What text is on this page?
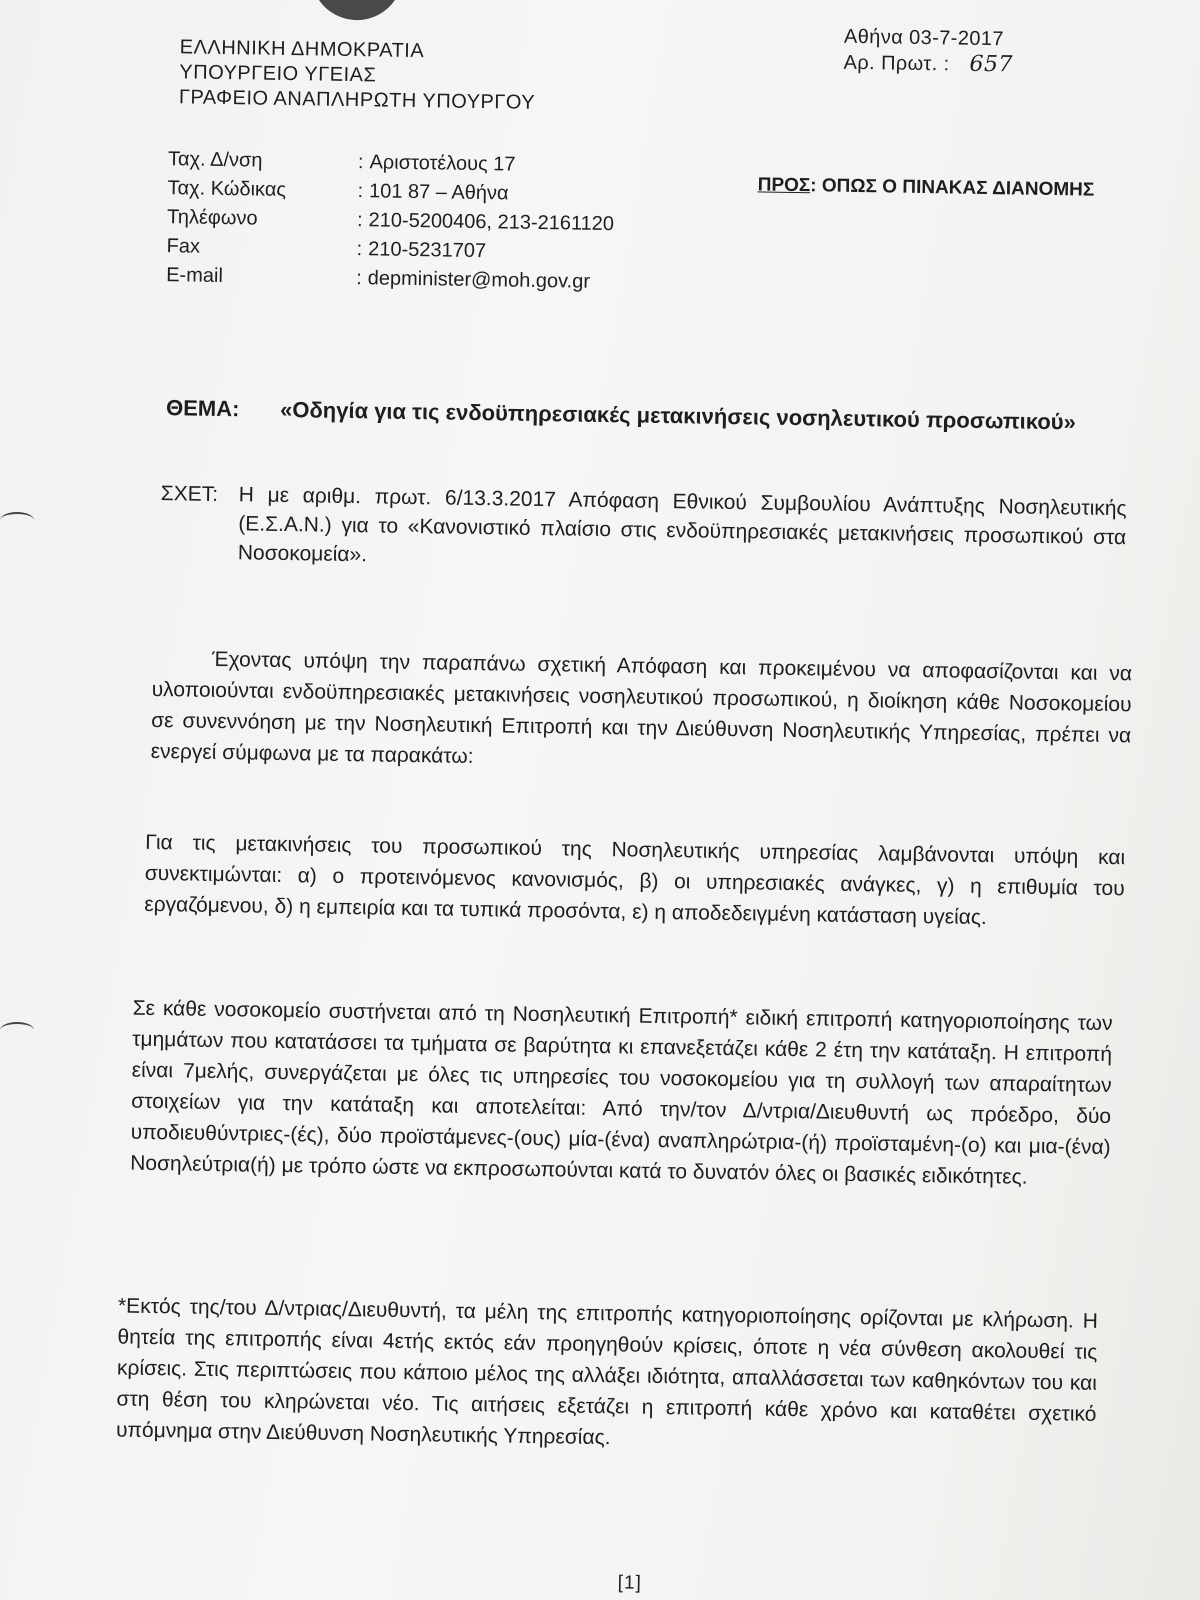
ΕΛΛΗΝΙΚΗ ΔΗΜΟΚΡΑΤΙΑ
ΥΠΟΥΡΓΕΙΟ ΥΓΕΙΑΣ
ΓΡΑΦΕΙΟ ΑΝΑΠΛΗΡΩΤΗ ΥΠΟΥΡΓΟΥ
Αθήνα 03-7-2017
Αρ. Πρωτ. : 657
Ταχ. Δ/νση	: Αριστοτέλους 17
Ταχ. Κώδικας	: 101 87 – Αθήνα
Τηλέφωνο	: 210-5200406, 213-2161120
Fax	: 210-5231707
E-mail	: depminister@moh.gov.gr
ΠΡΟΣ: ΟΠΩΣ Ο ΠΙΝΑΚΑΣ ΔΙΑΝΟΜΗΣ
ΘΕΜΑ:	«Οδηγία για τις ενδοϋπηρεσιακές μετακινήσεις νοσηλευτικού προσωπικού»
ΣΧΕΤ: Η με αριθμ. πρωτ. 6/13.3.2017 Απόφαση Εθνικού Συμβουλίου Ανάπτυξης Νοσηλευτικής (Ε.Σ.Α.Ν.) για το «Κανονιστικό πλαίσιο στις ενδοϋπηρεσιακές μετακινήσεις προσωπικού στα Νοσοκομεία».
Έχοντας υπόψη την παραπάνω σχετική Απόφαση και προκειμένου να αποφασίζονται και να υλοποιούνται ενδοϋπηρεσιακές μετακινήσεις νοσηλευτικού προσωπικού, η διοίκηση κάθε Νοσοκομείου σε συνεννόηση με την Νοσηλευτική Επιτροπή και την Διεύθυνση Νοσηλευτικής Υπηρεσίας, πρέπει να ενεργεί σύμφωνα με τα παρακάτω:
Για τις μετακινήσεις του προσωπικού της Νοσηλευτικής υπηρεσίας λαμβάνονται υπόψη και συνεκτιμώνται: α) ο προτεινόμενος κανονισμός, β) οι υπηρεσιακές ανάγκες, γ) η επιθυμία του εργαζόμενου, δ) η εμπειρία και τα τυπικά προσόντα, ε) η αποδεδειγμένη κατάσταση υγείας.
Σε κάθε νοσοκομείο συστήνεται από τη Νοσηλευτική Επιτροπή* ειδική επιτροπή κατηγοριοποίησης των τμημάτων που κατατάσσει τα τμήματα σε βαρύτητα κι επανεξετάζει κάθε 2 έτη την κατάταξη. Η επιτροπή είναι 7μελής, συνεργάζεται με όλες τις υπηρεσίες του νοσοκομείου για τη συλλογή των απαραίτητων στοιχείων για την κατάταξη και αποτελείται: Από την/τον Δ/ντρια/Διευθυντή ως πρόεδρο, δύο υποδιευθύντριες-(ές), δύο προϊστάμενες-(ους) μία-(ένα) αναπληρώτρια-(ή) προϊσταμένη-(ο) και μια-(ένα) Νοσηλεύτρια(ή) με τρόπο ώστε να εκπροσωπούνται κατά το δυνατόν όλες οι βασικές ειδικότητες.
*Εκτός της/του Δ/ντριας/Διευθυντή, τα μέλη της επιτροπής κατηγοριοποίησης ορίζονται με κλήρωση. Η θητεία της επιτροπής είναι 4ετής εκτός εάν προηγηθούν κρίσεις, όποτε η νέα σύνθεση ακολουθεί τις κρίσεις. Στις περιπτώσεις που κάποιο μέλος της αλλάξει ιδιότητα, απαλλάσσεται των καθηκόντων του και στη θέση του κληρώνεται νέο. Τις αιτήσεις εξετάζει η επιτροπή κάθε χρόνο και καταθέτει σχετικό υπόμνημα στην Διεύθυνση Νοσηλευτικής Υπηρεσίας.
[1]
